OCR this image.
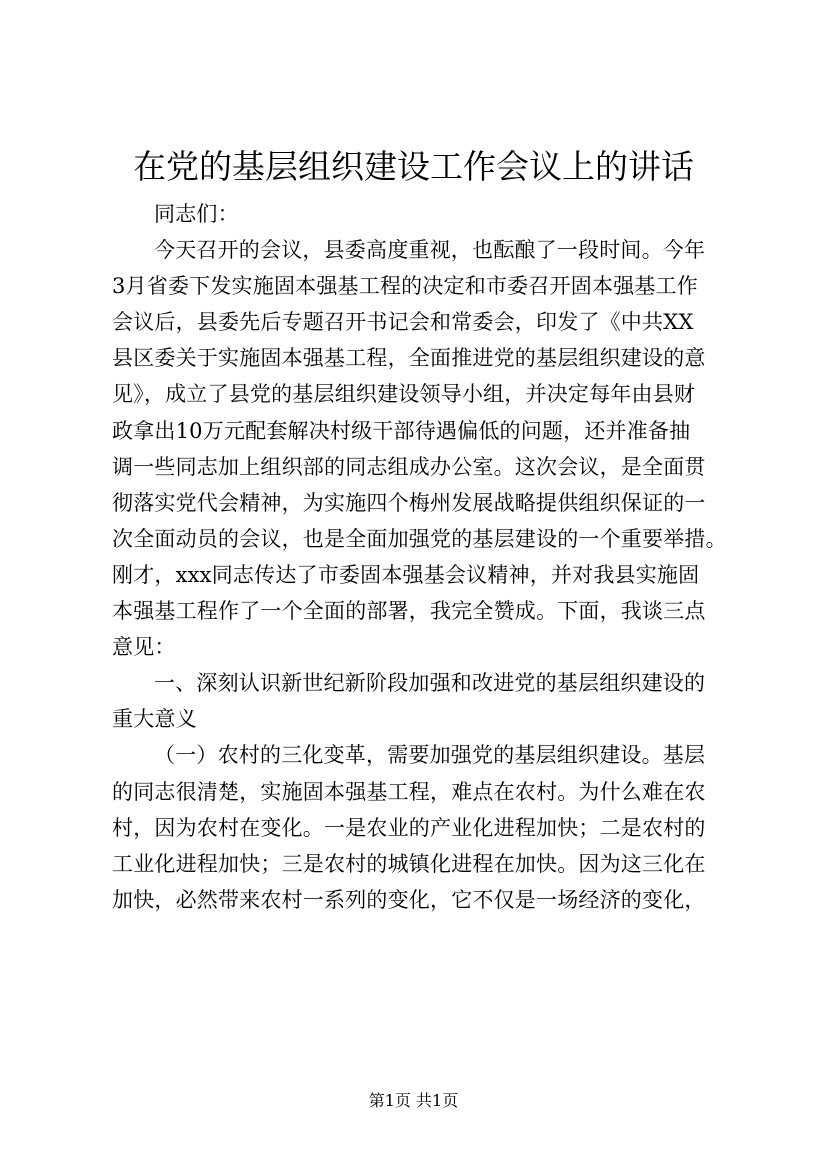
在党的基层组织建设工作会议上的讲话
同志们：
今天召开的会议，县委高度重视，也酝酿了一段时间。今年
3月省委下发实施固本强基工程的决定和市委召开固本强基工作
会议后，县委先后专题召开书记会和常委会，印发了《中共XX
县区委关于实施固本强基工程，全面推进党的基层组织建设的意
见》，成立了县党的基层组织建设领导小组，并决定每年由县财
政拿出10万元配套解决村级干部待遇偏低的问题，还并准备抽
调一些同志加上组织部的同志组成办公室。这次会议，是全面贯
彻落实党代会精神，为实施四个梅州发展战略提供组织保证的一
次全面动员的会议，也是全面加强党的基层建设的一个重要举措。
刚才，xxx同志传达了市委固本强基会议精神，并对我县实施固
本强基工程作了一个全面的部署，我完全赞成。下面，我谈三点
意见：
一、深刻认识新世纪新阶段加强和改进党的基层组织建设的
重大意义
（一）农村的三化变革，需要加强党的基层组织建设。基层
的同志很清楚，实施固本强基工程，难点在农村。为什么难在农
村，因为农村在变化。一是农业的产业化进程加快；二是农村的
工业化进程加快；三是农村的城镇化进程在加快。因为这三化在
加快，必然带来农村一系列的变化，它不仅是一场经济的变化，
第1页 共1页
